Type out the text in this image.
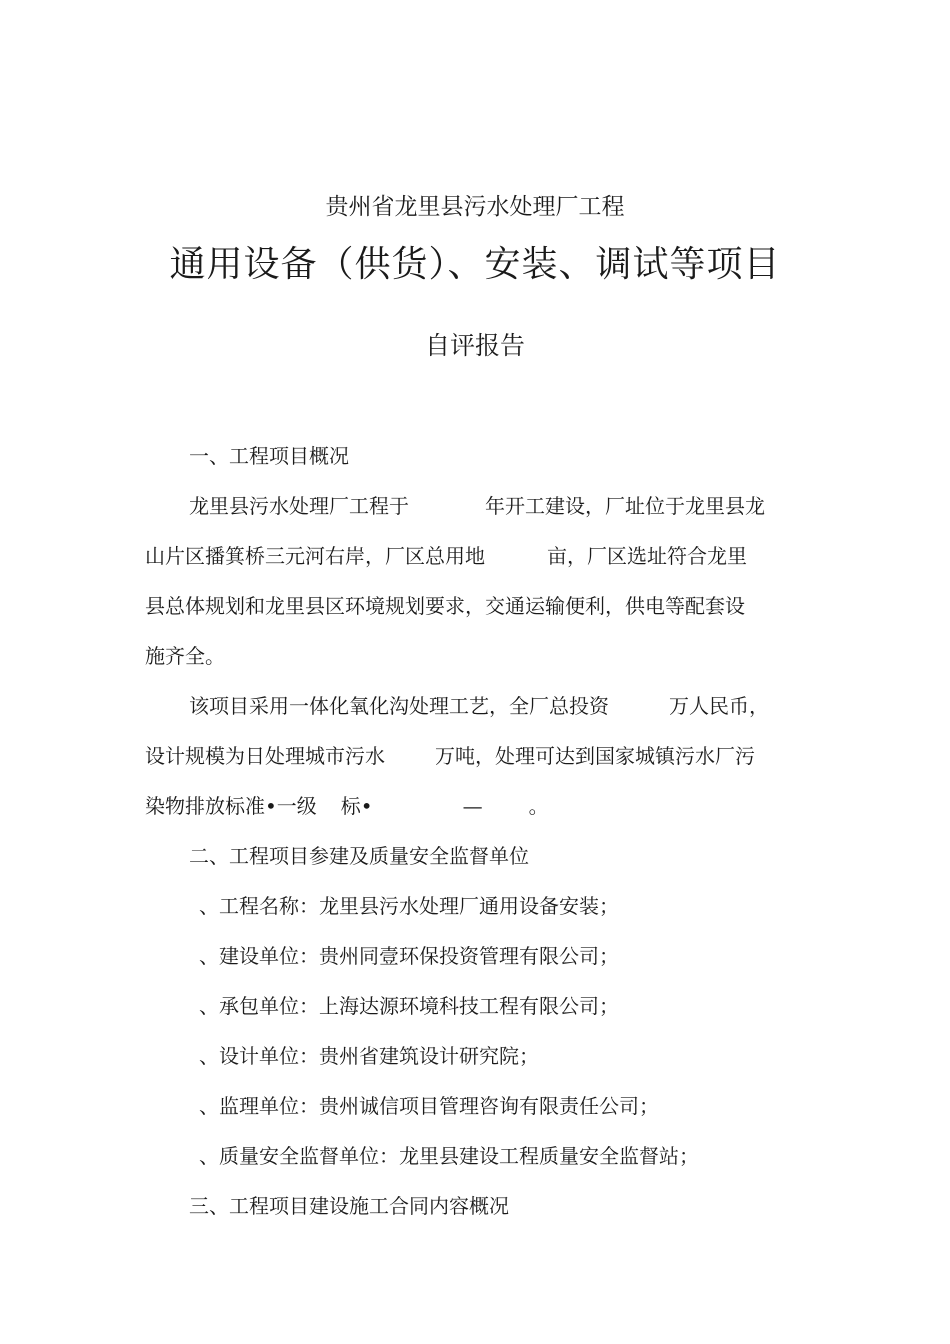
贵州省龙里县污水处理厂工程
通用设备（供货）、安装、调试等项目
自评报告
一、工程项目概况
龙里县污水处理厂工程于	年开工建设，厂址位于龙里县龙
山片区播箕桥三元河右岸，厂区总用地	亩，厂区选址符合龙里
县总体规划和龙里县区环境规划要求，交通运输便利，供电等配套设
施齐全。
该项目采用一体化氧化沟处理工艺，全厂总投资	万人民币，
设计规模为日处理城市污水	万吨，处理可达到国家城镇污水厂污
染物排放标准•一级 标•	— 。
二、工程项目参建及质量安全监督单位
、工程名称：龙里县污水处理厂通用设备安装；
、建设单位：贵州同壹环保投资管理有限公司；
、承包单位：上海达源环境科技工程有限公司；
、设计单位：贵州省建筑设计研究院；
、监理单位：贵州诚信项目管理咨询有限责任公司；
、质量安全监督单位：龙里县建设工程质量安全监督站；
三、工程项目建设施工合同内容概况
